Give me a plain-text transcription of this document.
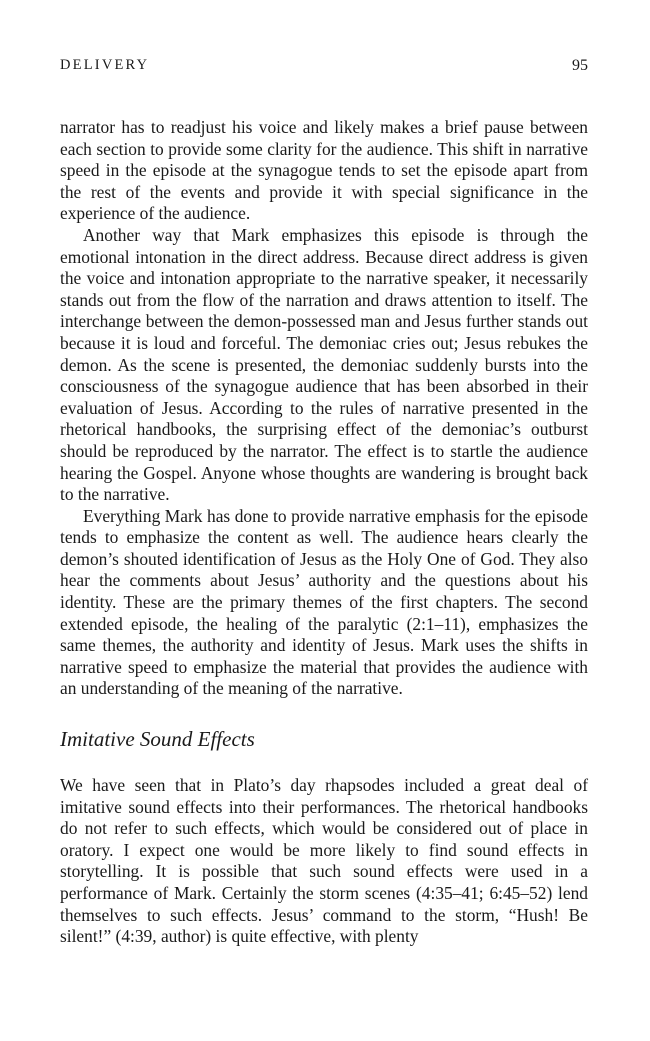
DELIVERY	95

narrator has to readjust his voice and likely makes a brief pause between each section to provide some clarity for the audience. This shift in narrative speed in the episode at the synagogue tends to set the episode apart from the rest of the events and provide it with special significance in the experience of the audience.

Another way that Mark emphasizes this episode is through the emotional intonation in the direct address. Because direct address is given the voice and intonation appropriate to the narrative speaker, it necessarily stands out from the flow of the narration and draws attention to itself. The interchange between the demon-possessed man and Jesus further stands out because it is loud and forceful. The demoniac cries out; Jesus rebukes the demon. As the scene is presented, the demoniac suddenly bursts into the consciousness of the synagogue audience that has been absorbed in their evaluation of Jesus. According to the rules of narrative presented in the rhetorical handbooks, the surprising effect of the demoniac’s outburst should be reproduced by the narrator. The effect is to startle the audience hearing the Gospel. Anyone whose thoughts are wandering is brought back to the narrative.

Everything Mark has done to provide narrative emphasis for the episode tends to emphasize the content as well. The audience hears clearly the demon’s shouted identification of Jesus as the Holy One of God. They also hear the comments about Jesus’ authority and the questions about his identity. These are the primary themes of the first chapters. The second extended episode, the healing of the paralytic (2:1–11), emphasizes the same themes, the authority and identity of Jesus. Mark uses the shifts in narrative speed to emphasize the material that provides the audience with an understanding of the meaning of the narrative.

Imitative Sound Effects

We have seen that in Plato’s day rhapsodes included a great deal of imitative sound effects into their performances. The rhetorical handbooks do not refer to such effects, which would be considered out of place in oratory. I expect one would be more likely to find sound effects in storytelling. It is possible that such sound effects were used in a performance of Mark. Certainly the storm scenes (4:35–41; 6:45–52) lend themselves to such effects. Jesus’ command to the storm, “Hush! Be silent!” (4:39, author) is quite effective, with plenty
